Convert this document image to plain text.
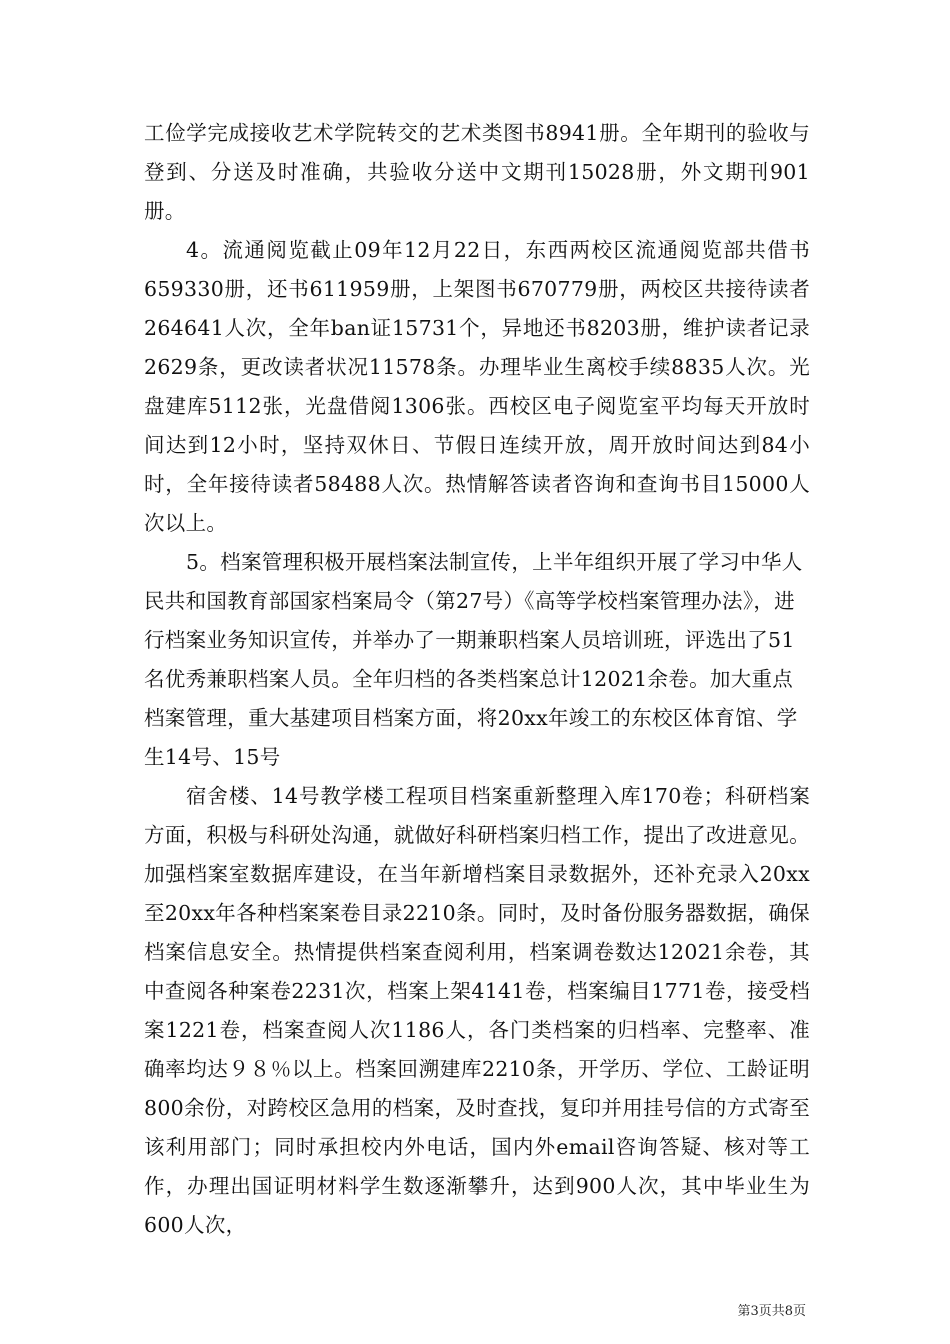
工俭学完成接收艺术学院转交的艺术类图书8941册。全年期刊的验收与登到、分送及时准确，共验收分送中文期刊15028册，外文期刊901册。

4。流通阅览截止09年12月22日，东西两校区流通阅览部共借书659330册，还书611959册，上架图书670779册，两校区共接待读者264641人次，全年ban证15731个，异地还书8203册，维护读者记录2629条，更改读者状况11578条。办理毕业生离校手续8835人次。光盘建库5112张，光盘借阅1306张。西校区电子阅览室平均每天开放时间达到12小时，坚持双休日、节假日连续开放，周开放时间达到84小时，全年接待读者58488人次。热情解答读者咨询和查询书目15000人次以上。

5。档案管理积极开展档案法制宣传，上半年组织开展了学习中华人民共和国教育部国家档案局令（第27号）《高等学校档案管理办法》，进行档案业务知识宣传，并举办了一期兼职档案人员培训班，评选出了51名优秀兼职档案人员。全年归档的各类档案总计12021余卷。加大重点档案管理，重大基建项目档案方面，将20xx年竣工的东校区体育馆、学生14号、15号

宿舍楼、14号教学楼工程项目档案重新整理入库170卷；科研档案方面，积极与科研处沟通，就做好科研档案归档工作，提出了改进意见。加强档案室数据库建设，在当年新增档案目录数据外，还补充录入20xx至20xx年各种档案案卷目录2210条。同时，及时备份服务器数据，确保档案信息安全。热情提供档案查阅利用，档案调卷数达12021余卷，其中查阅各种案卷2231次，档案上架4141卷，档案编目1771卷，接受档案1221卷，档案查阅人次1186人，各门类档案的归档率、完整率、准确率均达９８％以上。档案回溯建库2210条，开学历、学位、工龄证明800余份，对跨校区急用的档案，及时查找，复印并用挂号信的方式寄至该利用部门；同时承担校内外电话，国内外email咨询答疑、核对等工作，办理出国证明材料学生数逐渐攀升，达到900人次，其中毕业生为600人次，

第3页共8页
